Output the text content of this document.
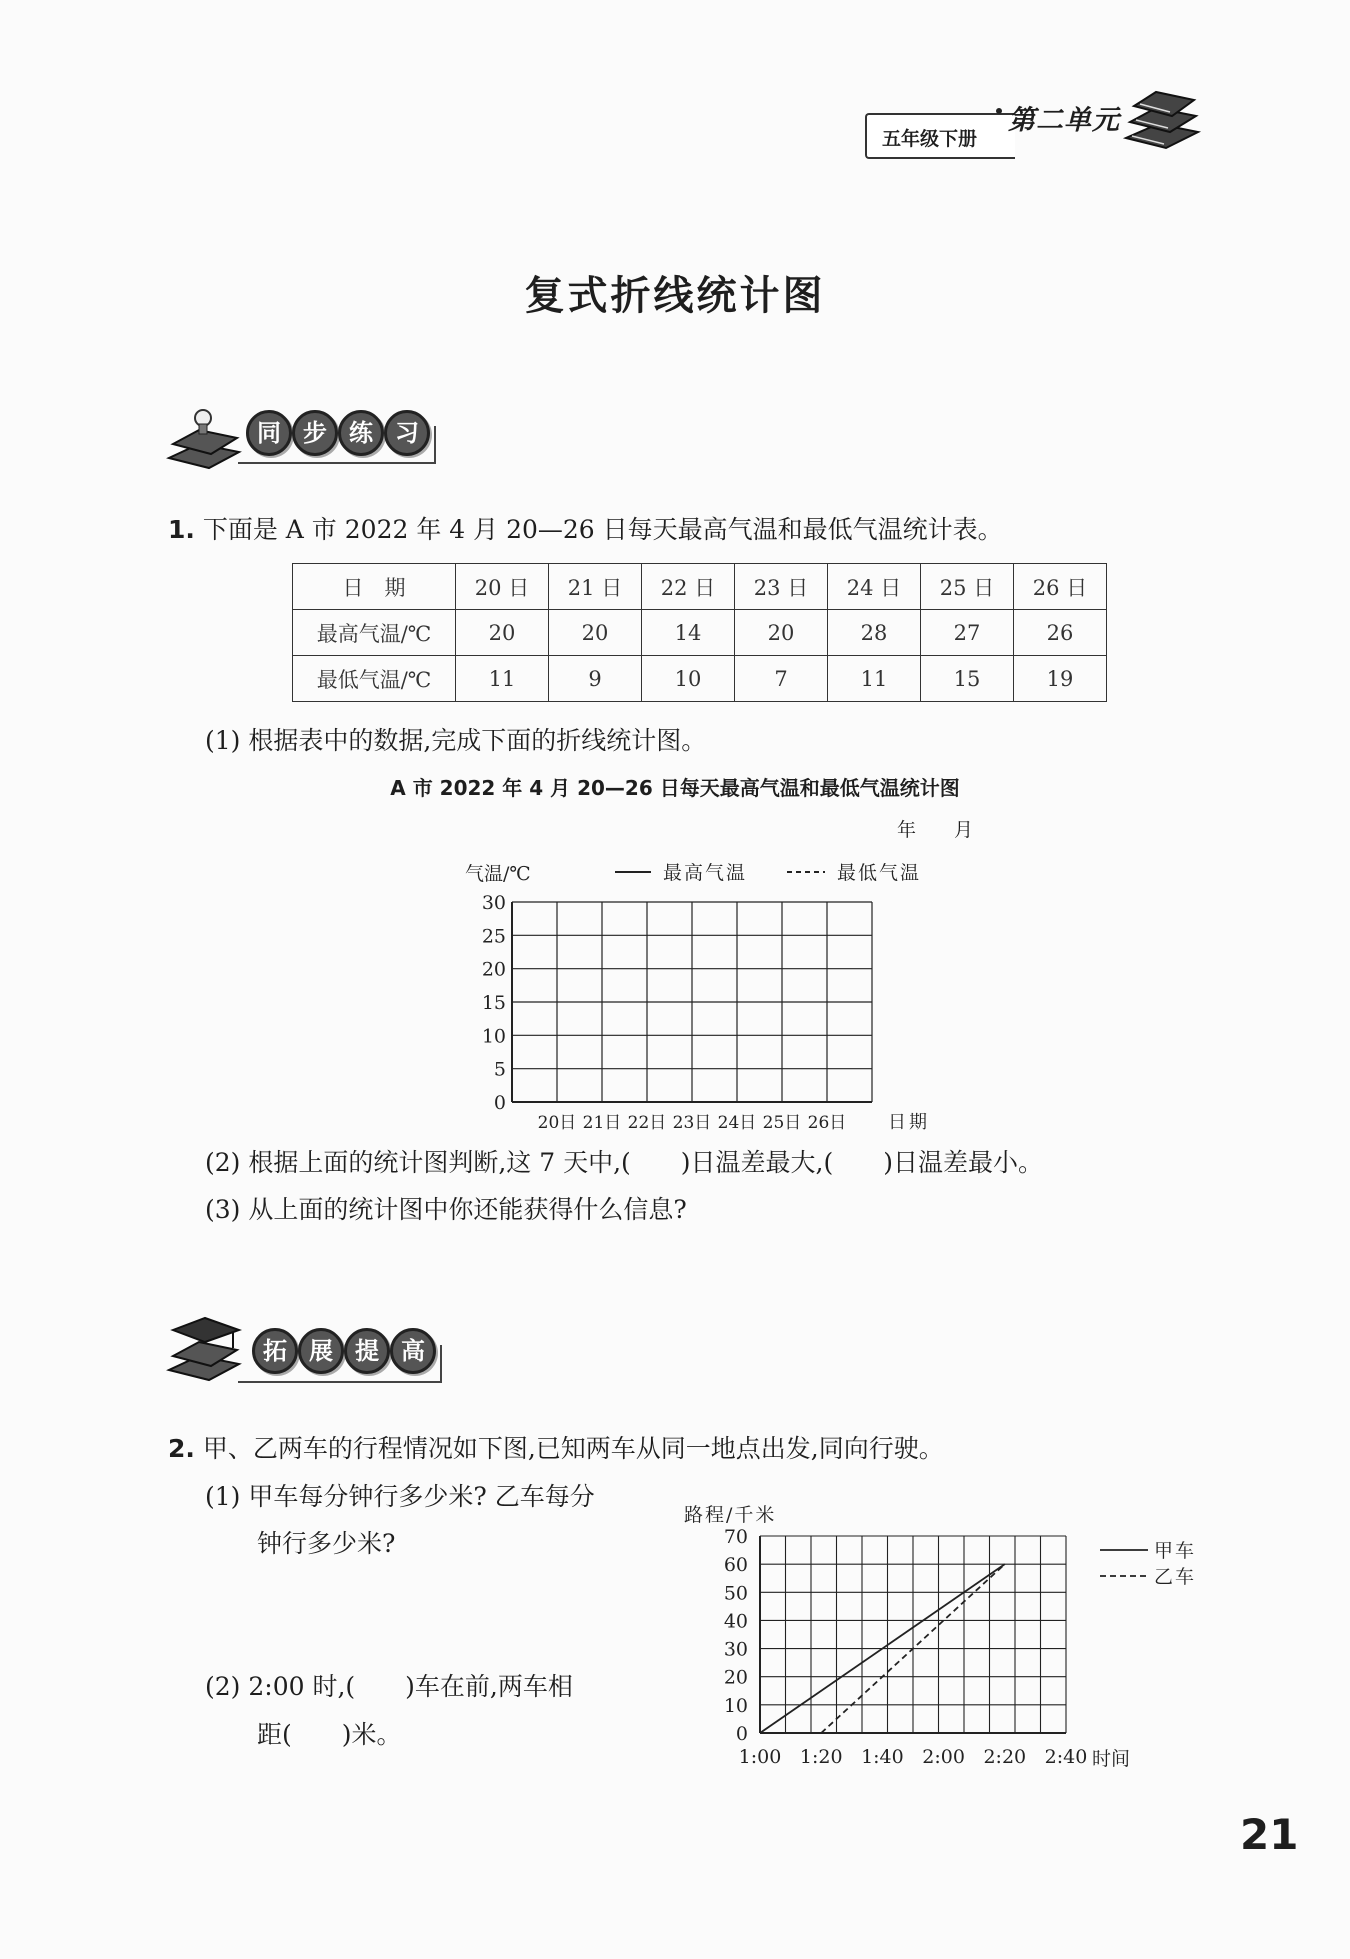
五年级下册
第二单元
复式折线统计图
同 步 练 习
1. 下面是 A 市 2022 年 4 月 20—26 日每天最高气温和最低气温统计表。
日　期	20 日	21 日	22 日	23 日	24 日	25 日	26 日
最高气温/℃	20	20	14	20	28	27	26
最低气温/℃	11	9	10	7	11	15	19
(1) 根据表中的数据,完成下面的折线统计图。
A 市 2022 年 4 月 20—26 日每天最高气温和最低气温统计图
年　　月
0
5
10
15
20
25
30
20日 21日 22日 23日 24日 25日 26日 日期
气温/℃	最高气温	最低气温
(2) 根据上面的统计图判断,这 7 天中,(　　)日温差最大,(　　)日温差最小。
(3) 从上面的统计图中你还能获得什么信息?
拓 展 提 高
2. 甲、乙两车的行程情况如下图,已知两车从同一地点出发,同向行驶。
(1) 甲车每分钟行多少米? 乙车每分
钟行多少米?
(2) 2:00 时,(　　)车在前,两车相
距(　　)米。	0
10
20
30
40
50
60
70
1:00 1:20 1:40 2:00 2:20 2:40 时间
路程/千米
甲车
乙车
21
